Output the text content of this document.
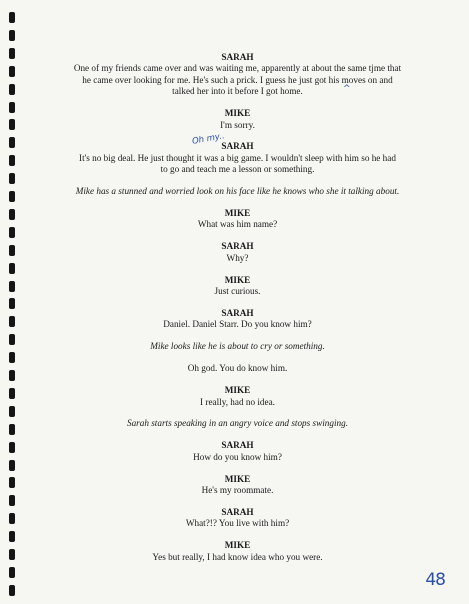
SARAH
One of my friends came over and was waiting me, apparently at about the same tjme that
he came over looking for me. He's such a prick. I guess he just got his moves on and
talked her into it before I got home.
MIKE
I'm sorry.
SARAH
It's no big deal. He just thought it was a big game. I wouldn't sleep with him so he had
to go and teach me a lesson or something.
Mike has a stunned and worried look on his face like he knows who she it talking about.
MIKE
What was him name?
SARAH
Why?
MIKE
Just curious.
SARAH
Daniel. Daniel Starr. Do you know him?
Mike looks like he is about to cry or something.
Oh god. You do know him.
MIKE
I really, had no idea.
Sarah starts speaking in an angry voice and stops swinging.
SARAH
How do you know him?
MIKE
He's my roommate.
SARAH
What?!? You live with him?
MIKE
Yes but really, I had know idea who you were.
Oh my..
^
48
